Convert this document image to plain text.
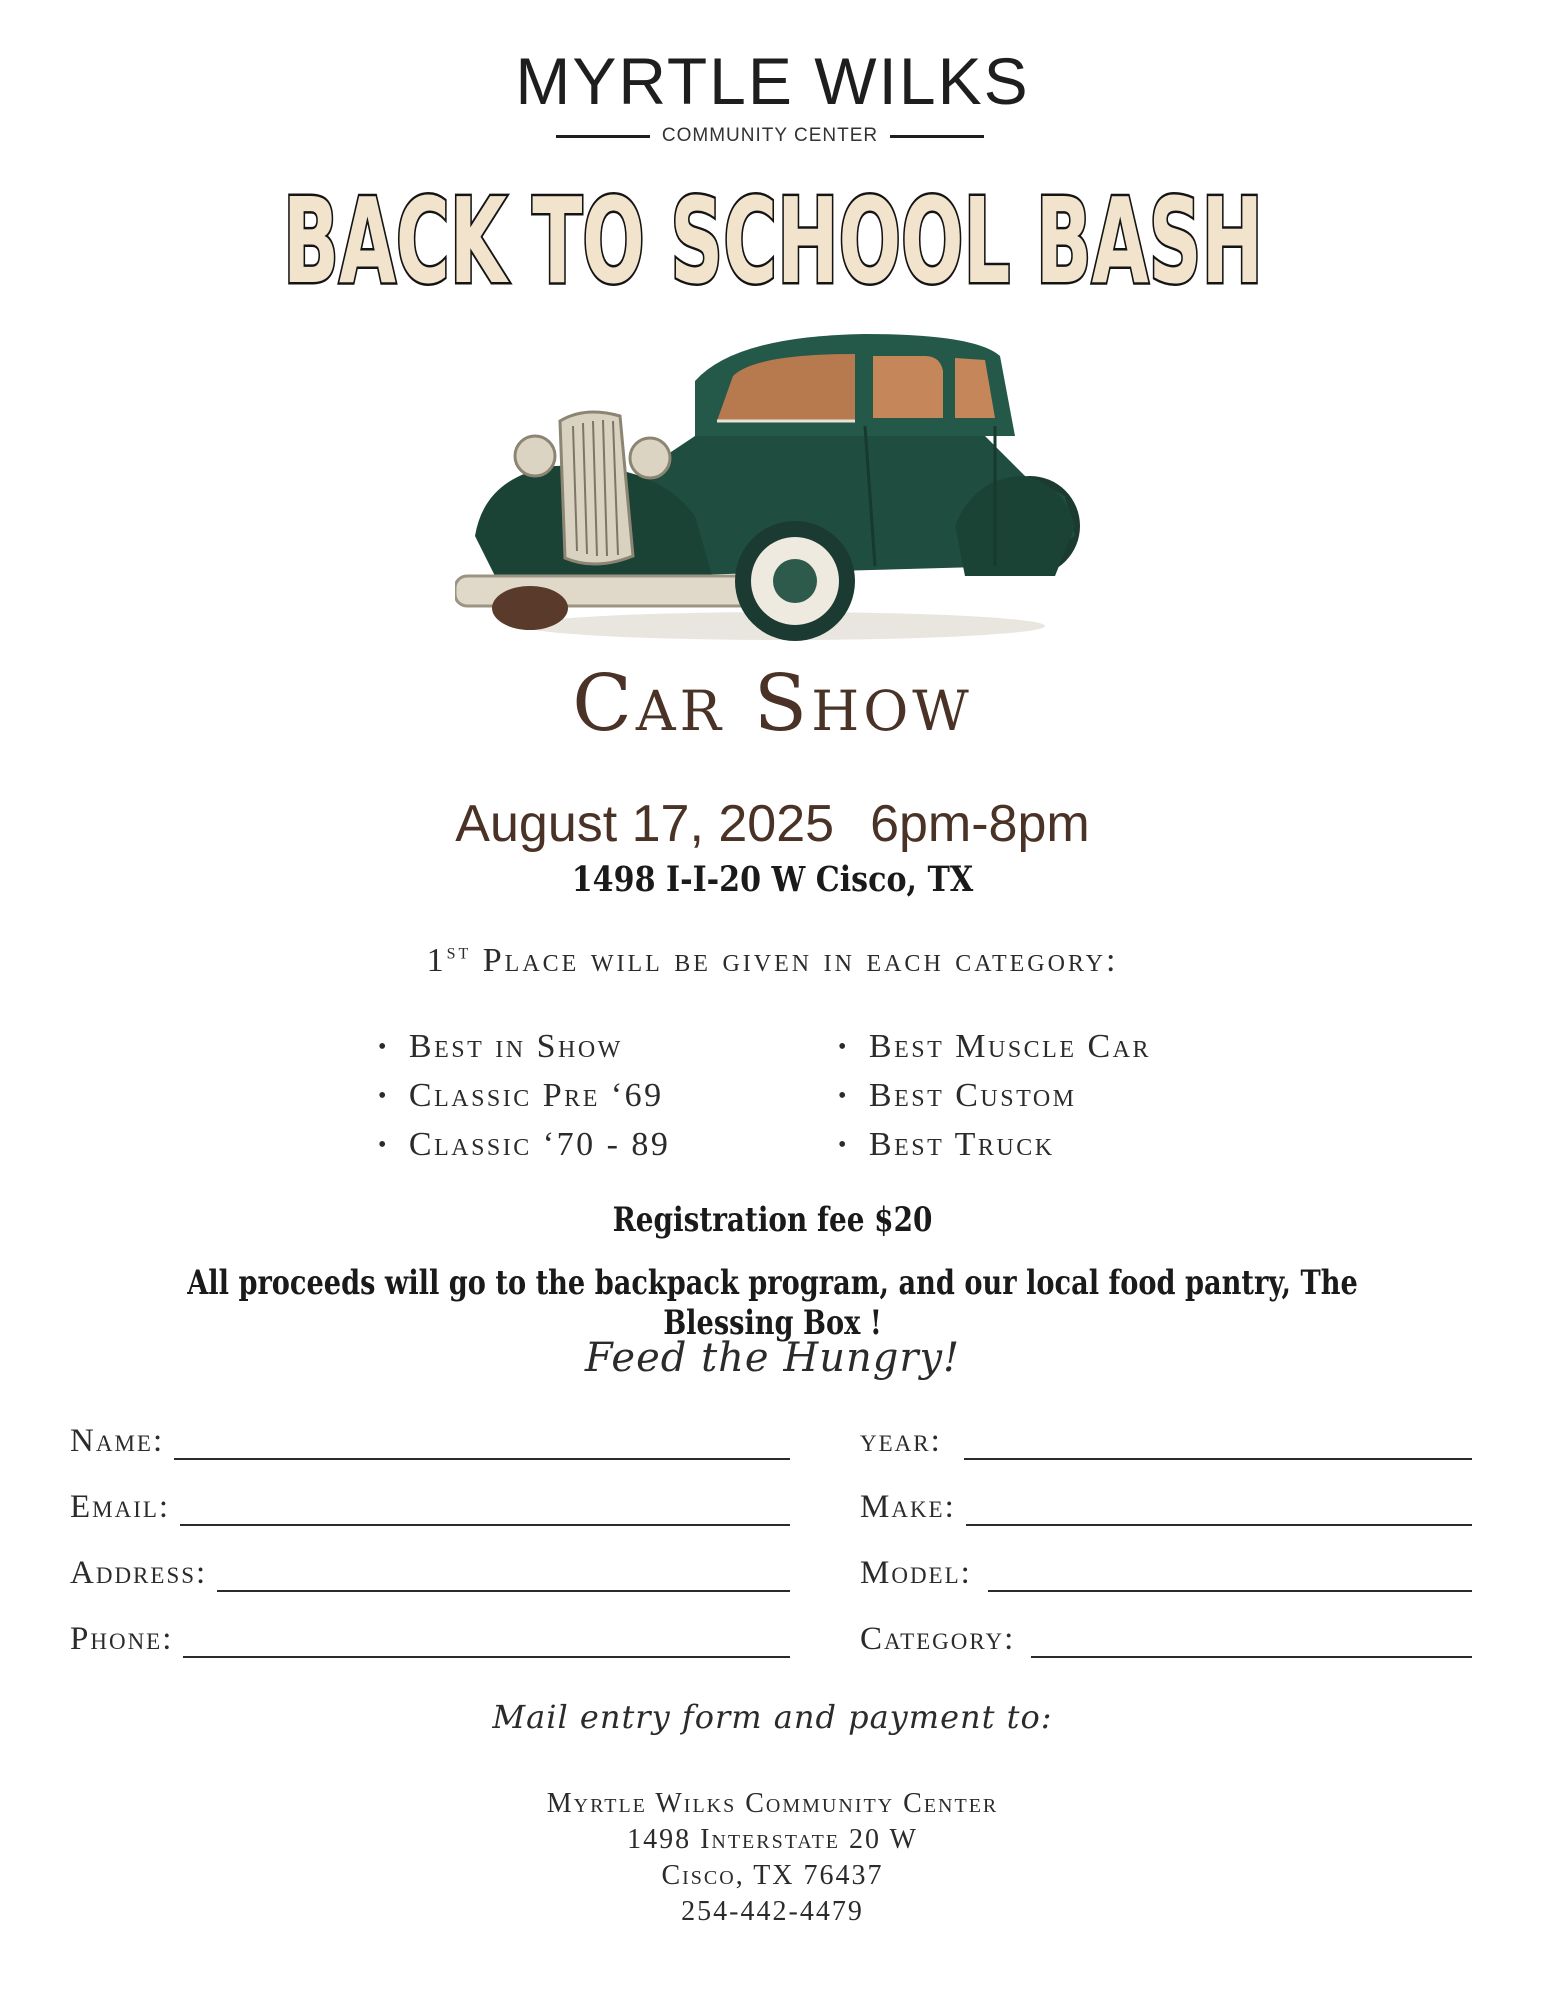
MYRTLE WILKS
COMMUNITY CENTER
BACK TO SCHOOL BASH
Car Show
August 17, 2025 6pm-8pm
1498 I-I-20 W Cisco, TX
1ST Place will be given in each category:
• Best in Show
• Classic Pre ‘69
• Classic ‘70 - 89
• Best Muscle Car
• Best Custom
• Best Truck
Registration fee $20
All proceeds will go to the backpack program, and our local food pantry, The Blessing Box !
Feed the Hungry!
Name:
Email:
Address:
Phone:
year:
Make:
Model:
Category:
Mail entry form and payment to:
Myrtle Wilks Community Center
1498 Interstate 20 W
Cisco, TX 76437
254-442-4479
